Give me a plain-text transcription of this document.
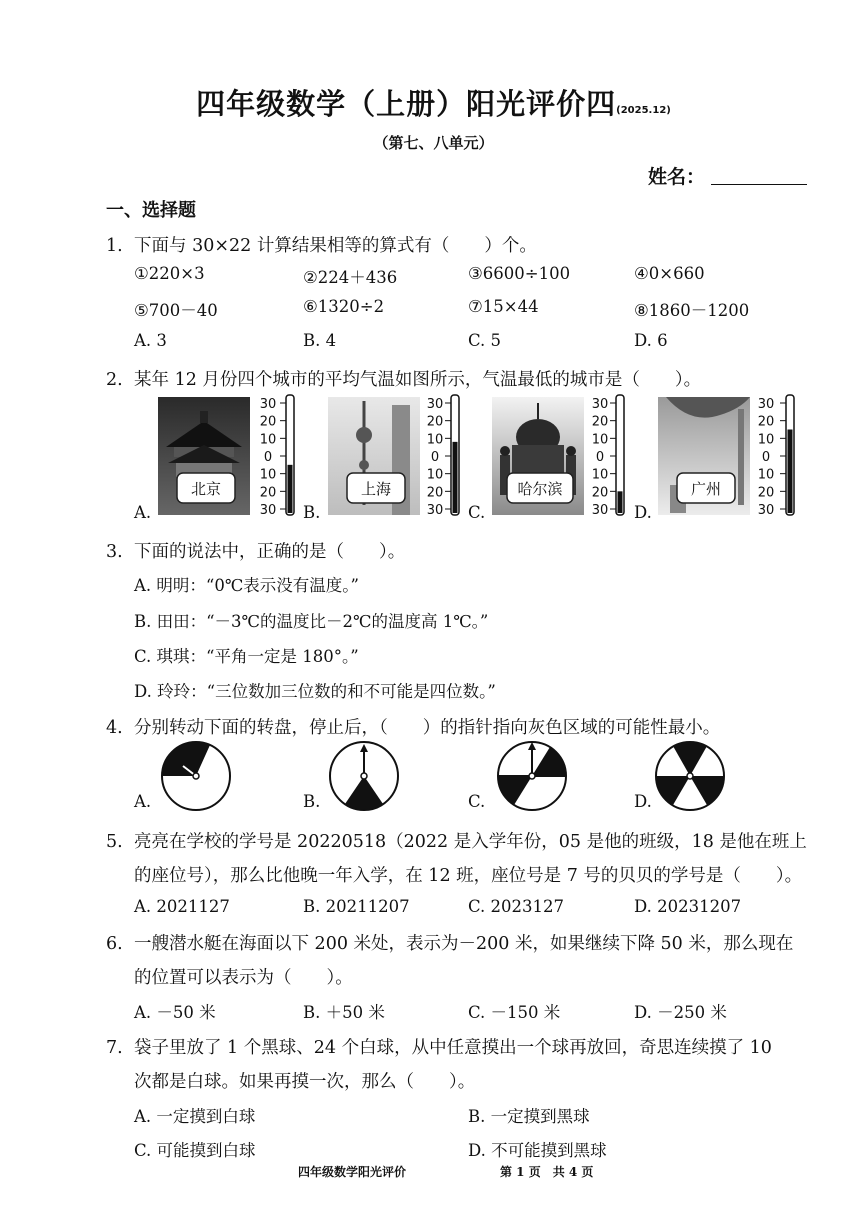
四年级数学（上册）阳光评价四(2025.12)
（第七、八单元）
姓名：
一、选择题
1. 下面与 30×22 计算结果相等的算式有（　　）个。
①220×3	②224＋436	③6600÷100	④0×660
⑤700－40	⑥1320÷2	⑦15×44	⑧1860－1200
A. 3	B. 4	C. 5	D. 6
2. 某年 12 月份四个城市的平均气温如图所示，气温最低的城市是（　　）。
A.	B.	C.	D.
北京	上海	哈尔滨	广州
30
20
10
0
10
20
30
30
20
10
0
10
20
30
30
20
10
0
10
20
30
30
20
10
0
10
20
30
3. 下面的说法中，正确的是（　　）。
A. 明明：“0℃表示没有温度。”
B. 田田：“－3℃的温度比－2℃的温度高 1℃。”
C. 琪琪：“平角一定是 180°。”
D. 玲玲：“三位数加三位数的和不可能是四位数。”
4. 分别转动下面的转盘，停止后，（　　）的指针指向灰色区域的可能性最小。
A.	B.	C.	D.
5. 亮亮在学校的学号是 20220518（2022 是入学年份，05 是他的班级，18 是他在班上
的座位号），那么比他晚一年入学，在 12 班，座位号是 7 号的贝贝的学号是（　　）。
A. 2021127	B. 20211207	C. 2023127	D. 20231207
6. 一艘潜水艇在海面以下 200 米处，表示为－200 米，如果继续下降 50 米，那么现在
的位置可以表示为（　　）。
A. －50 米	B. ＋50 米	C. －150 米	D. －250 米
7. 袋子里放了 1 个黑球、24 个白球，从中任意摸出一个球再放回，奇思连续摸了 10
次都是白球。如果再摸一次，那么（　　）。
A. 一定摸到白球	B. 一定摸到黑球
C. 可能摸到白球	D. 不可能摸到黑球
四年级数学阳光评价	第 1 页　共 4 页
